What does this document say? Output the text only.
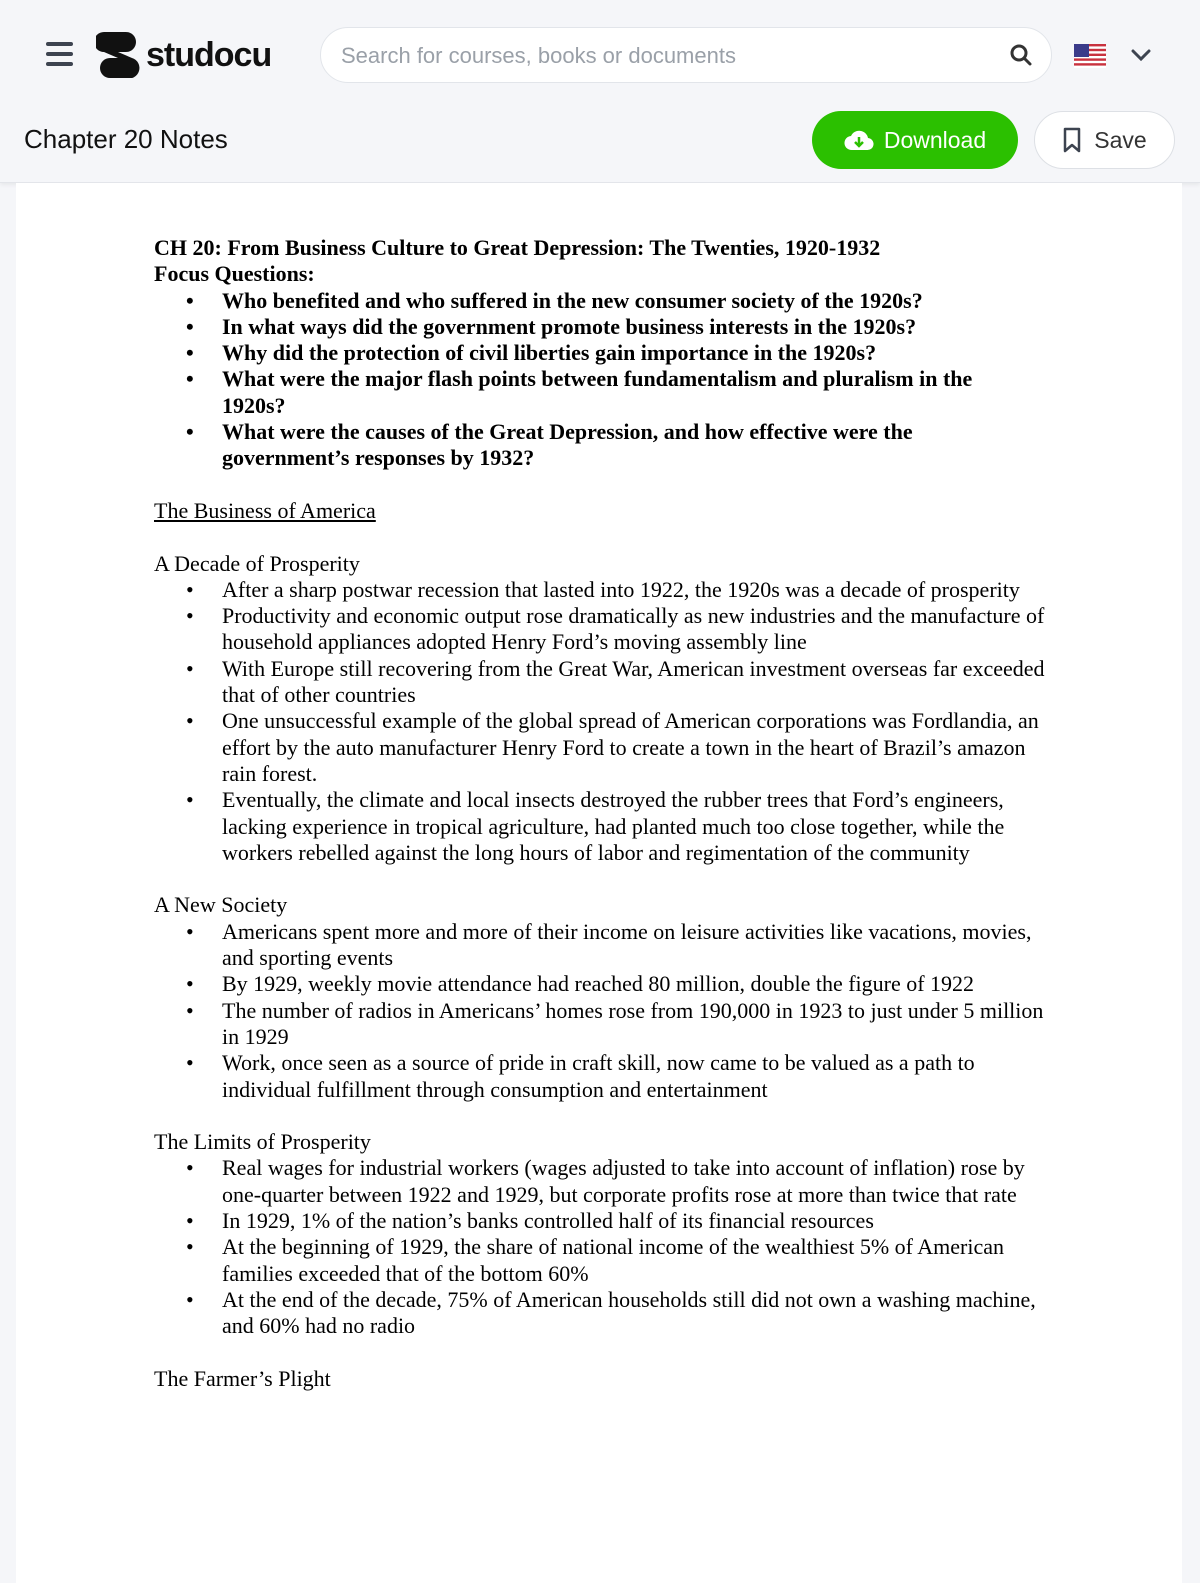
studocu
Search for courses, books or documents
Chapter 20 Notes	Download	Save
CH 20: From Business Culture to Great Depression: The Twenties, 1920-1932
Focus Questions:
• Who benefited and who suffered in the new consumer society of the 1920s?
• In what ways did the government promote business interests in the 1920s?
• Why did the protection of civil liberties gain importance in the 1920s?
• What were the major flash points between fundamentalism and pluralism in the 1920s?
• What were the causes of the Great Depression, and how effective were the government’s responses by 1932?
The Business of America
A Decade of Prosperity
• After a sharp postwar recession that lasted into 1922, the 1920s was a decade of prosperity
• Productivity and economic output rose dramatically as new industries and the manufacture of household appliances adopted Henry Ford’s moving assembly line
• With Europe still recovering from the Great War, American investment overseas far exceeded that of other countries
• One unsuccessful example of the global spread of American corporations was Fordlandia, an effort by the auto manufacturer Henry Ford to create a town in the heart of Brazil’s amazon rain forest.
• Eventually, the climate and local insects destroyed the rubber trees that Ford’s engineers, lacking experience in tropical agriculture, had planted much too close together, while the workers rebelled against the long hours of labor and regimentation of the community
A New Society
• Americans spent more and more of their income on leisure activities like vacations, movies, and sporting events
• By 1929, weekly movie attendance had reached 80 million, double the figure of 1922
• The number of radios in Americans’ homes rose from 190,000 in 1923 to just under 5 million in 1929
• Work, once seen as a source of pride in craft skill, now came to be valued as a path to individual fulfillment through consumption and entertainment
The Limits of Prosperity
• Real wages for industrial workers (wages adjusted to take into account of inflation) rose by one-quarter between 1922 and 1929, but corporate profits rose at more than twice that rate
• In 1929, 1% of the nation’s banks controlled half of its financial resources
• At the beginning of 1929, the share of national income of the wealthiest 5% of American families exceeded that of the bottom 60%
• At the end of the decade, 75% of American households still did not own a washing machine, and 60% had no radio
The Farmer’s Plight
